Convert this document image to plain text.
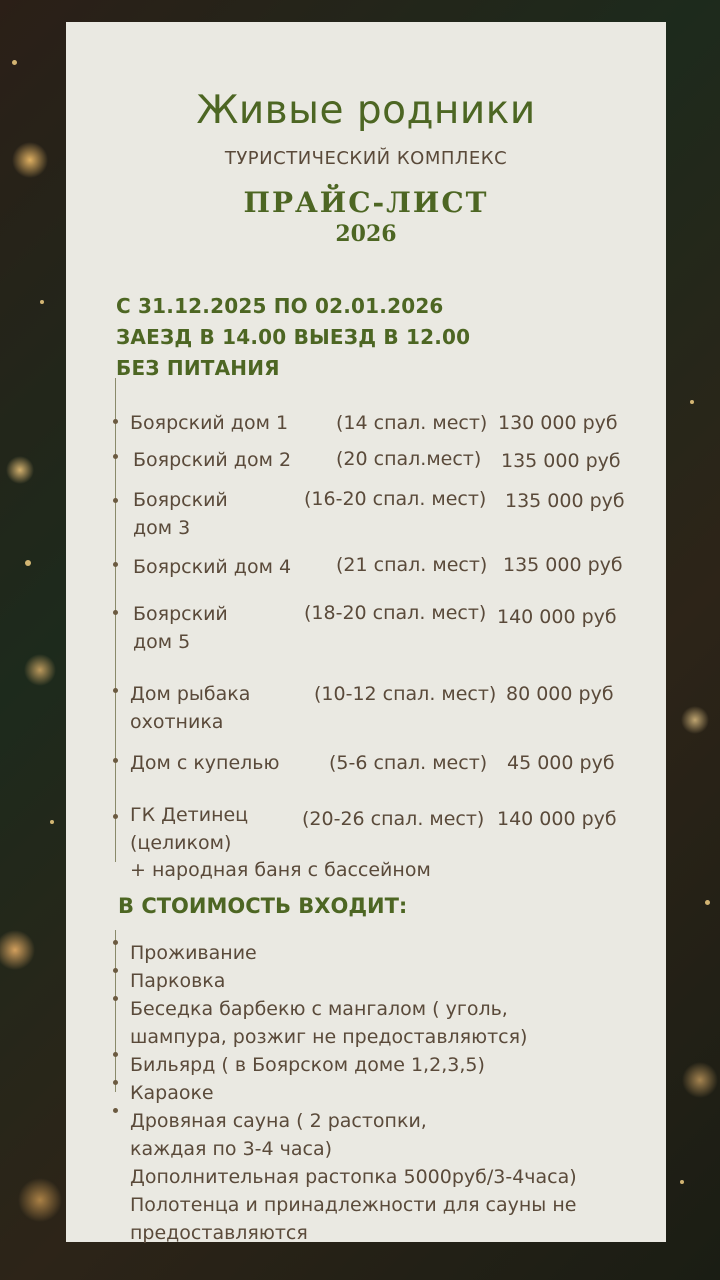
Живые родники
ТУРИСТИЧЕСКИЙ КОМПЛЕКС
ПРАЙС-ЛИСТ
2026
С 31.12.2025 ПО 02.01.2026
ЗАЕЗД В 14.00 ВЫЕЗД В 12.00
БЕЗ ПИТАНИЯ
Боярский дом 1	(14 спал. мест) 130 000 руб
Боярский дом 2 (20 спал.мест) 135 000 руб
Боярский
дом 3
(16-20 спал. мест) 135 000 руб
Боярский дом 4 (21 спал. мест) 135 000 руб
Боярский
дом 5
(18-20 спал. мест) 140 000 руб
Дом рыбака
охотника
(10-12 спал. мест) 80 000 руб
Дом с купелью	(5-6 спал. мест) 45 000 руб
ГК Детинец
(целиком)
(20-26 спал. мест) 140 000 руб
+ народная баня с бассейном
В СТОИМОСТЬ ВХОДИТ:
Проживание
Парковка
Беседка барбекю с мангалом ( уголь,
шампура, розжиг не предоставляются)
Бильярд ( в Боярском доме 1,2,3,5)
Караоке
Дровяная сауна ( 2 растопки,
каждая по 3-4 часа)
Дополнительная растопка 5000руб/3-4часа)
Полотенца и принадлежности для сауны не
предоставляются
